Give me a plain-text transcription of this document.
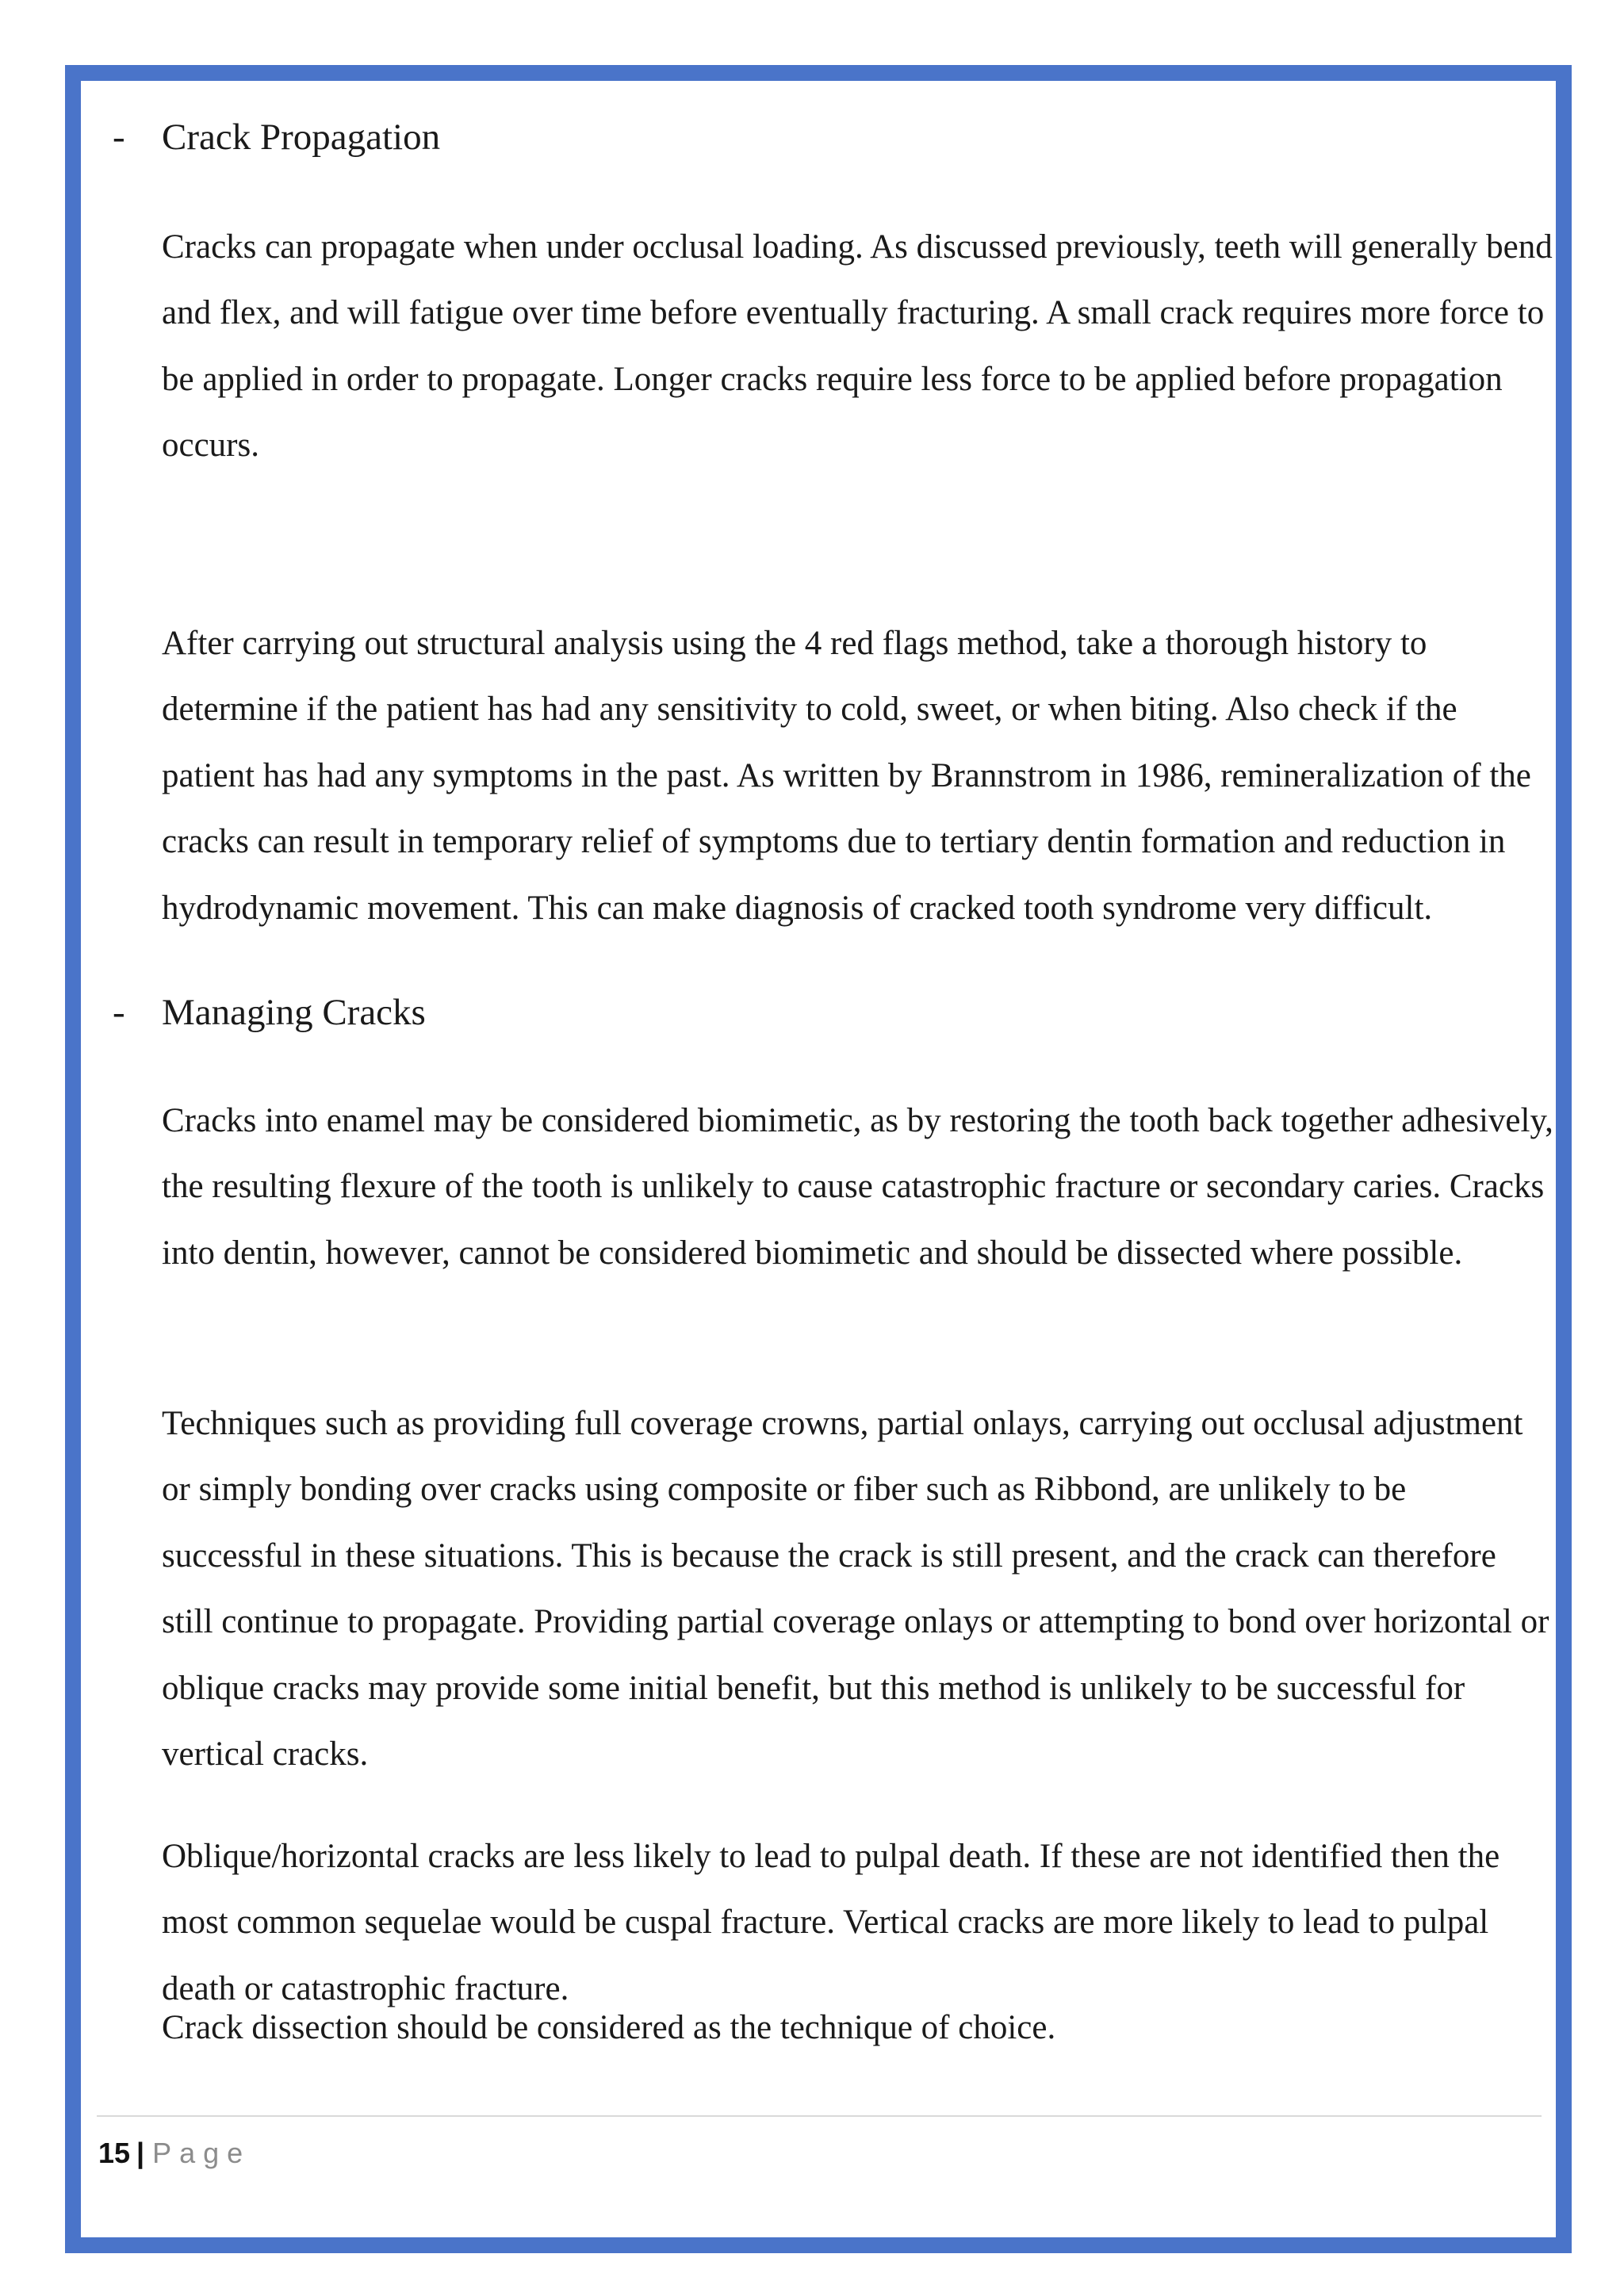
- Crack Propagation

Cracks can propagate when under occlusal loading. As discussed previously, teeth will generally bend and flex, and will fatigue over time before eventually fracturing. A small crack requires more force to be applied in order to propagate. Longer cracks require less force to be applied before propagation occurs.

After carrying out structural analysis using the 4 red flags method, take a thorough history to determine if the patient has had any sensitivity to cold, sweet, or when biting. Also check if the patient has had any symptoms in the past. As written by Brannstrom in 1986, remineralization of the cracks can result in temporary relief of symptoms due to tertiary dentin formation and reduction in hydrodynamic movement. This can make diagnosis of cracked tooth syndrome very difficult.

- Managing Cracks

Cracks into enamel may be considered biomimetic, as by restoring the tooth back together adhesively, the resulting flexure of the tooth is unlikely to cause catastrophic fracture or secondary caries. Cracks into dentin, however, cannot be considered biomimetic and should be dissected where possible.

Techniques such as providing full coverage crowns, partial onlays, carrying out occlusal adjustment or simply bonding over cracks using composite or fiber such as Ribbond, are unlikely to be successful in these situations. This is because the crack is still present, and the crack can therefore still continue to propagate. Providing partial coverage onlays or attempting to bond over horizontal or oblique cracks may provide some initial benefit, but this method is unlikely to be successful for vertical cracks.

Oblique/horizontal cracks are less likely to lead to pulpal death. If these are not identified then the most common sequelae would be cuspal fracture. Vertical cracks are more likely to lead to pulpal death or catastrophic fracture.

Crack dissection should be considered as the technique of choice.

15 | Page
